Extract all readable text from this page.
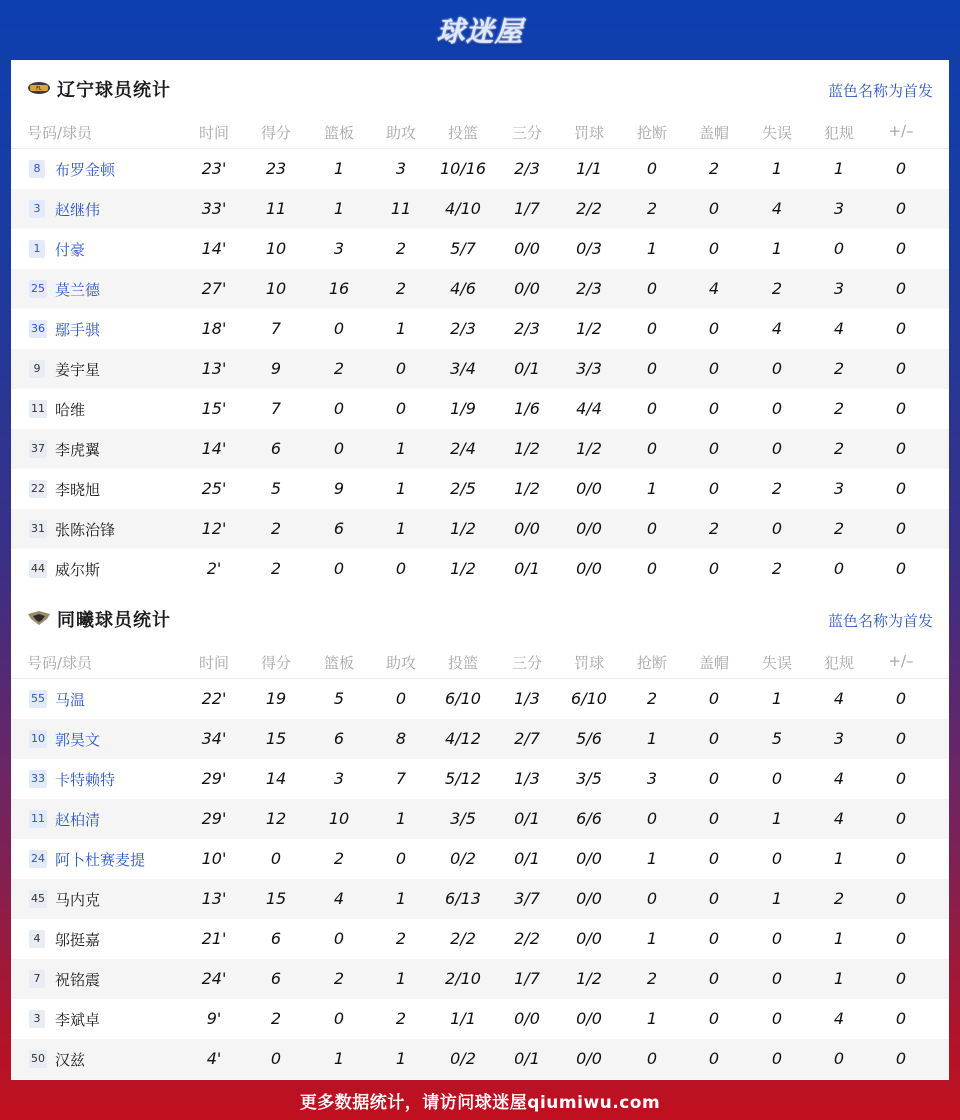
球迷屋
FL 辽宁球员统计	蓝色名称为首发
号码/球员	时间 得分 篮板 助攻 投篮 三分 罚球 抢断 盖帽 失误 犯规 +/–
8 布罗金顿	23' 23	1	3 10/16 2/3 1/1	0	2	1	1	0
3 赵继伟	33' 11	1	11 4/10 1/7 2/2	2	0	4	3	0
1 付豪	14' 10	3	2	5/7 0/0 0/3	1	0	1	0	0
25 莫兰德	27' 10	16	2	4/6 0/0 2/3	0	4	2	3	0
36 鄢手骐	18'	7	0	1	2/3 2/3 1/2	0	0	4	4	0
9 姜宇星	13'	9	2	0	3/4 0/1 3/3	0	0	0	2	0
11 哈维	15'	7	0	0	1/9 1/6 4/4	0	0	0	2	0
37 李虎翼	14'	6	0	1	2/4 1/2 1/2	0	0	0	2	0
22 李晓旭	25'	5	9	1	2/5 1/2 0/0	1	0	2	3	0
31 张陈治锋	12'	2	6	1	1/2 0/0 0/0	0	2	0	2	0
44 威尔斯	2'	2	0	0	1/2 0/1 0/0	0	0	2	0	0
同曦球员统计	蓝色名称为首发
号码/球员	时间 得分 篮板 助攻 投篮 三分 罚球 抢断 盖帽 失误 犯规 +/–
55 马温	22' 19	5	0 6/10 1/3 6/10 2	0	1	4	0
10 郭昊文	34' 15	6	8 4/12 2/7 5/6	1	0	5	3	0
33 卡特赖特	29' 14	3	7 5/12 1/3 3/5	3	0	0	4	0
11 赵柏清	29' 12	10	1	3/5 0/1 6/6	0	0	1	4	0
24 阿卜杜赛麦提	10'	0	2	0	0/2 0/1 0/0	1	0	0	1	0
45 马内克	13' 15	4	1 6/13 3/7 0/0	0	0	1	2	0
4 邬挺嘉	21'	6	0	2	2/2 2/2 0/0	1	0	0	1	0
7 祝铭震	24'	6	2	1 2/10 1/7 1/2	2	0	0	1	0
3 李斌卓	9'	2	0	2	1/1 0/0 0/0	1	0	0	4	0
50 汉兹	4'	0	1	1	0/2 0/1 0/0	0	0	0	0	0
更多数据统计，请访问球迷屋qiumiwu.com
